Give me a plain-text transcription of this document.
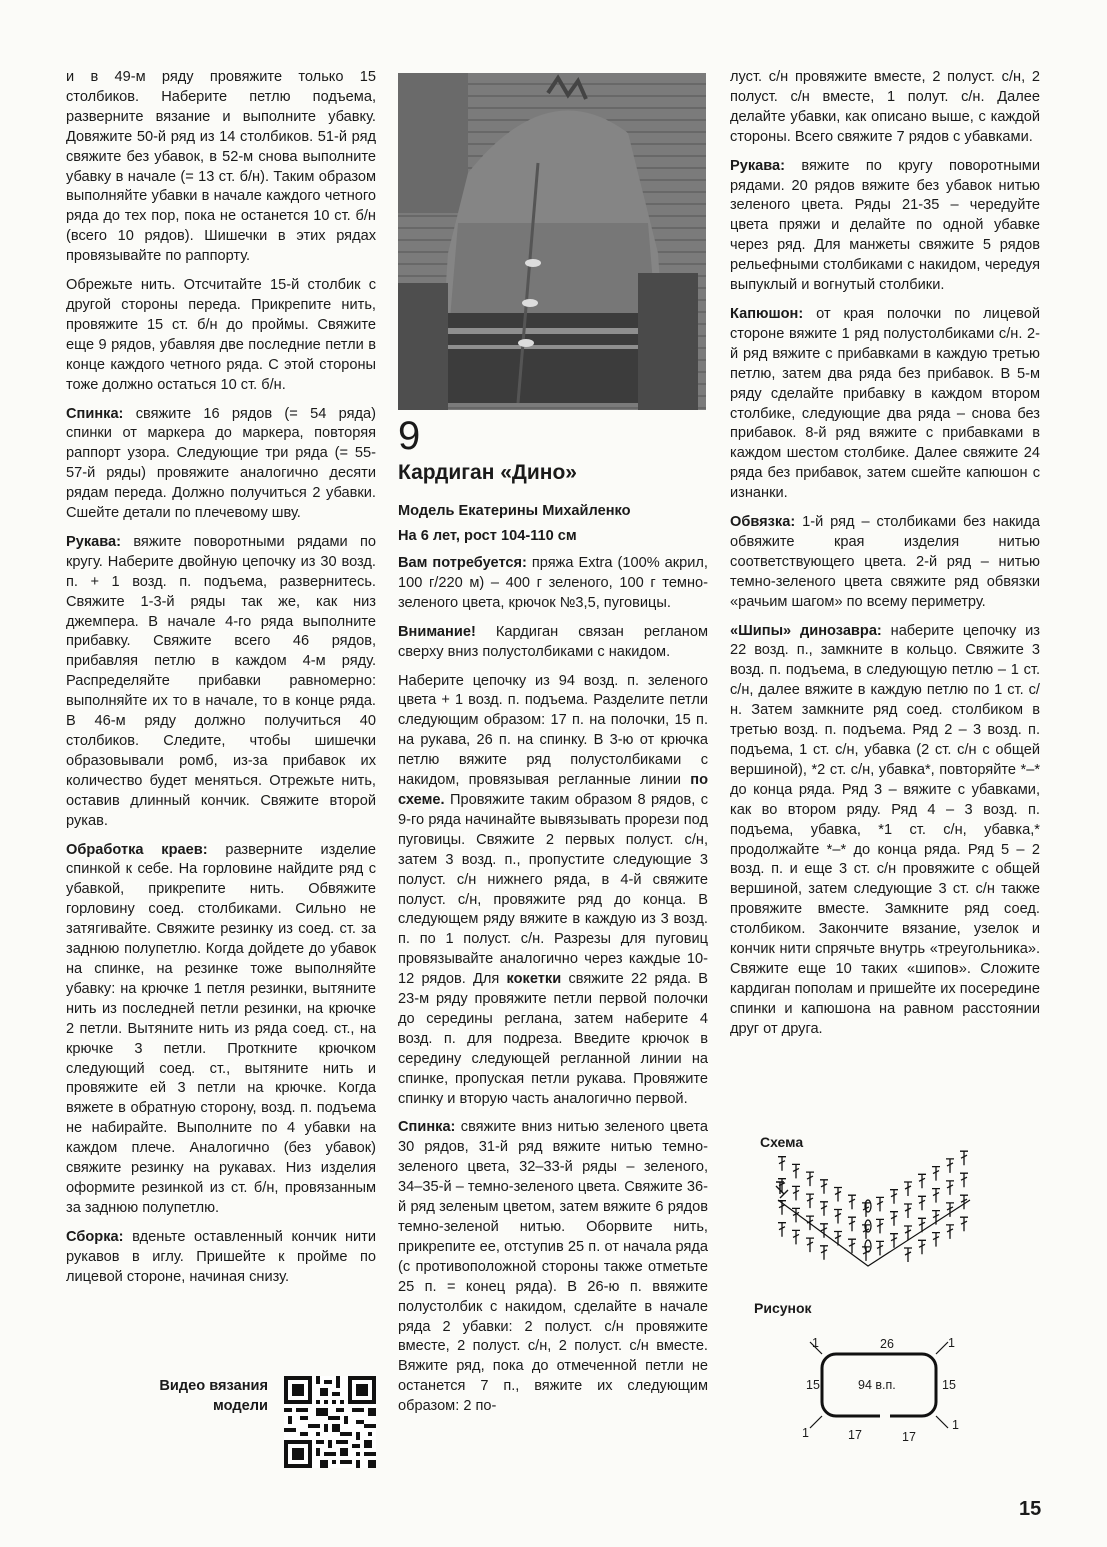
и в 49-м ряду провяжите только 15 столбиков. Наберите петлю подъема, разверните вязание и выполните убавку. Довяжите 50-й ряд из 14 столбиков. 51-й ряд свяжите без убавок, в 52-м снова выполните убавку в начале (= 13 ст. б/н). Таким образом выполняйте убавки в начале каждого четного ряда до тех пор, пока не останется 10 ст. б/н (всего 10 рядов). Шишечки в этих рядах провязывайте по раппорту.

Обрежьте нить. Отсчитайте 15-й столбик с другой стороны переда. Прикрепите нить, провяжите 15 ст. б/н до проймы. Свяжите еще 9 рядов, убавляя две последние петли в конце каждого четного ряда. С этой стороны тоже должно остаться 10 ст. б/н.

Спинка: свяжите 16 рядов (= 54 ряда) спинки от маркера до маркера, повторяя раппорт узора. Следующие три ряда (= 55-57-й ряды) провяжите аналогично десяти рядам переда. Должно получиться 2 убавки. Сшейте детали по плечевому шву.

Рукава: вяжите поворотными рядами по кругу. Наберите двойную цепочку из 30 возд. п. + 1 возд. п. подъема, развернитесь. Свяжите 1-3-й ряды так же, как низ джемпера. В начале 4-го ряда выполните прибавку. Свяжите всего 46 рядов, прибавляя петлю в каждом 4-м ряду. Распределяйте прибавки равномерно: выполняйте их то в начале, то в конце ряда. В 46-м ряду должно получиться 40 столбиков. Следите, чтобы шишечки образовывали ромб, из-за прибавок их количество будет меняться. Отрежьте нить, оставив длинный кончик. Свяжите второй рукав.

Обработка краев: разверните изделие спинкой к себе. На горловине найдите ряд с убавкой, прикрепите нить. Обвяжите горловину соед. столбиками. Сильно не затягивайте. Свяжите резинку из соед. ст. за заднюю полупетлю. Когда дойдете до убавок на спинке, на резинке тоже выполняйте убавку: на крючке 1 петля резинки, вытяните нить из последней петли резинки, на крючке 2 петли. Вытяните нить из ряда соед. ст., на крючке 3 петли. Проткните крючком следующий соед. ст., вытяните нить и провяжите ей 3 петли на крючке. Когда вяжете в обратную сторону, возд. п. подъема не набирайте. Выполните по 4 убавки на каждом плече. Аналогично (без убавок) свяжите резинку на рукавах. Низ изделия оформите резинкой из ст. б/н, провязанным за заднюю полупетлю.

Сборка: вденьте оставленный кончик нити рукавов в иглу. Пришейте к пройме по лицевой стороне, начиная снизу.

Видео вязания модели
9
Кардиган «Дино»
Модель Екатерины Михайленко
На 6 лет, рост 104-110 см

Вам потребуется: пряжа Extra (100% акрил, 100 г/220 м) – 400 г зеленого, 100 г темно-зеленого цвета, крючок №3,5, пуговицы.

Внимание! Кардиган связан регланом сверху вниз полустолбиками с накидом.

Наберите цепочку из 94 возд. п. зеленого цвета + 1 возд. п. подъема. Разделите петли следующим образом: 17 п. на полочки, 15 п. на рукава, 26 п. на спинку. В 3-ю от крючка петлю вяжите ряд полустолбиками с накидом, провязывая регланные линии по схеме. Провяжите таким образом 8 рядов, с 9-го ряда начинайте вывязывать прорези под пуговицы. Свяжите 2 первых полуст. с/н, затем 3 возд. п., пропустите следующие 3 полуст. с/н нижнего ряда, в 4-й свяжите полуст. с/н, провяжите ряд до конца. В следующем ряду вяжите в каждую из 3 возд. п. по 1 полуст. с/н. Разрезы для пуговиц провязывайте аналогично через каждые 10-12 рядов. Для кокетки свяжите 22 ряда. В 23-м ряду провяжите петли первой полочки до середины реглана, затем наберите 4 возд. п. для подреза. Введите крючок в середину следующей регланной линии на спинке, пропуская петли рукава. Провяжите спинку и вторую часть аналогично первой.

Спинка: свяжите вниз нитью зеленого цвета 30 рядов, 31-й ряд вяжите нитью темно-зеленого цвета, 32–33-й ряды – зеленого, 34–35-й – темно-зеленого цвета. Свяжите 36-й ряд зеленым цветом, затем вяжите 6 рядов темно-зеленой нитью. Оборвите нить, прикрепите ее, отступив 25 п. от начала ряда (с противоположной стороны также отметьте 25 п. = конец ряда). В 26-ю п. ввяжите полустолбик с накидом, сделайте в начале ряда 2 убавки: 2 полуст. с/н провяжите вместе, 2 полуст. с/н, 2 полуст. с/н вместе. Вяжите ряд, пока до отмеченной петли не останется 7 п., вяжите их следующим образом: 2 по-

луст. с/н провяжите вместе, 2 полуст. с/н, 2 полуст. с/н вместе, 1 полут. с/н. Далее делайте убавки, как описано выше, с каждой стороны. Всего свяжите 7 рядов с убавками.

Рукава: вяжите по кругу поворотными рядами. 20 рядов вяжите без убавок нитью зеленого цвета. Ряды 21-35 – чередуйте цвета пряжи и делайте по одной убавке через ряд. Для манжеты свяжите 5 рядов рельефными столбиками с накидом, чередуя выпуклый и вогнутый столбики.

Капюшон: от края полочки по лицевой стороне вяжите 1 ряд полустолбиками с/н. 2-й ряд вяжите с прибавками в каждую третью петлю, затем два ряда без прибавок. В 5-м ряду сделайте прибавку в каждом втором столбике, следующие два ряда – снова без прибавок. 8-й ряд вяжите с прибавками в каждом шестом столбике. Далее свяжите 24 ряда без прибавок, затем сшейте капюшон с изнанки.

Обвязка: 1-й ряд – столбиками без накида обвяжите края изделия нитью соответствующего цвета. 2-й ряд – нитью темно-зеленого цвета свяжите ряд обвязки «рачьим шагом» по всему периметру.

«Шипы» динозавра: наберите цепочку из 22 возд. п., замкните в кольцо. Свяжите 3 возд. п. подъема, в следующую петлю – 1 ст. с/н, далее вяжите в каждую петлю по 1 ст. с/н. Затем замкните ряд соед. столбиком в третью возд. п. подъема. Ряд 2 – 3 возд. п. подъема, 1 ст. с/н, убавка (2 ст. с/н с общей вершиной), *2 ст. с/н, убавка*, повторяйте *–* до конца ряда. Ряд 3 – вяжите с убавками, как во втором ряду. Ряд 4 – 3 возд. п. подъема, убавка, *1 ст. с/н, убавка,* продолжайте *–* до конца ряда. Ряд 5 – 2 возд. п. и еще 3 ст. с/н провяжите с общей вершиной, затем следующие 3 ст. с/н также провяжите вместе. Замкните ряд соед. столбиком. Закончите вязание, узелок и кончик нити спрячьте внутрь «треугольника». Свяжите еще 10 таких «шипов». Сложите кардиган пополам и пришейте их посередине спинки и капюшона на равном расстоянии друг от друга.

Схема
Рисунок
26
15	15
94 в.п.
17	17
1	1
1
1
15
